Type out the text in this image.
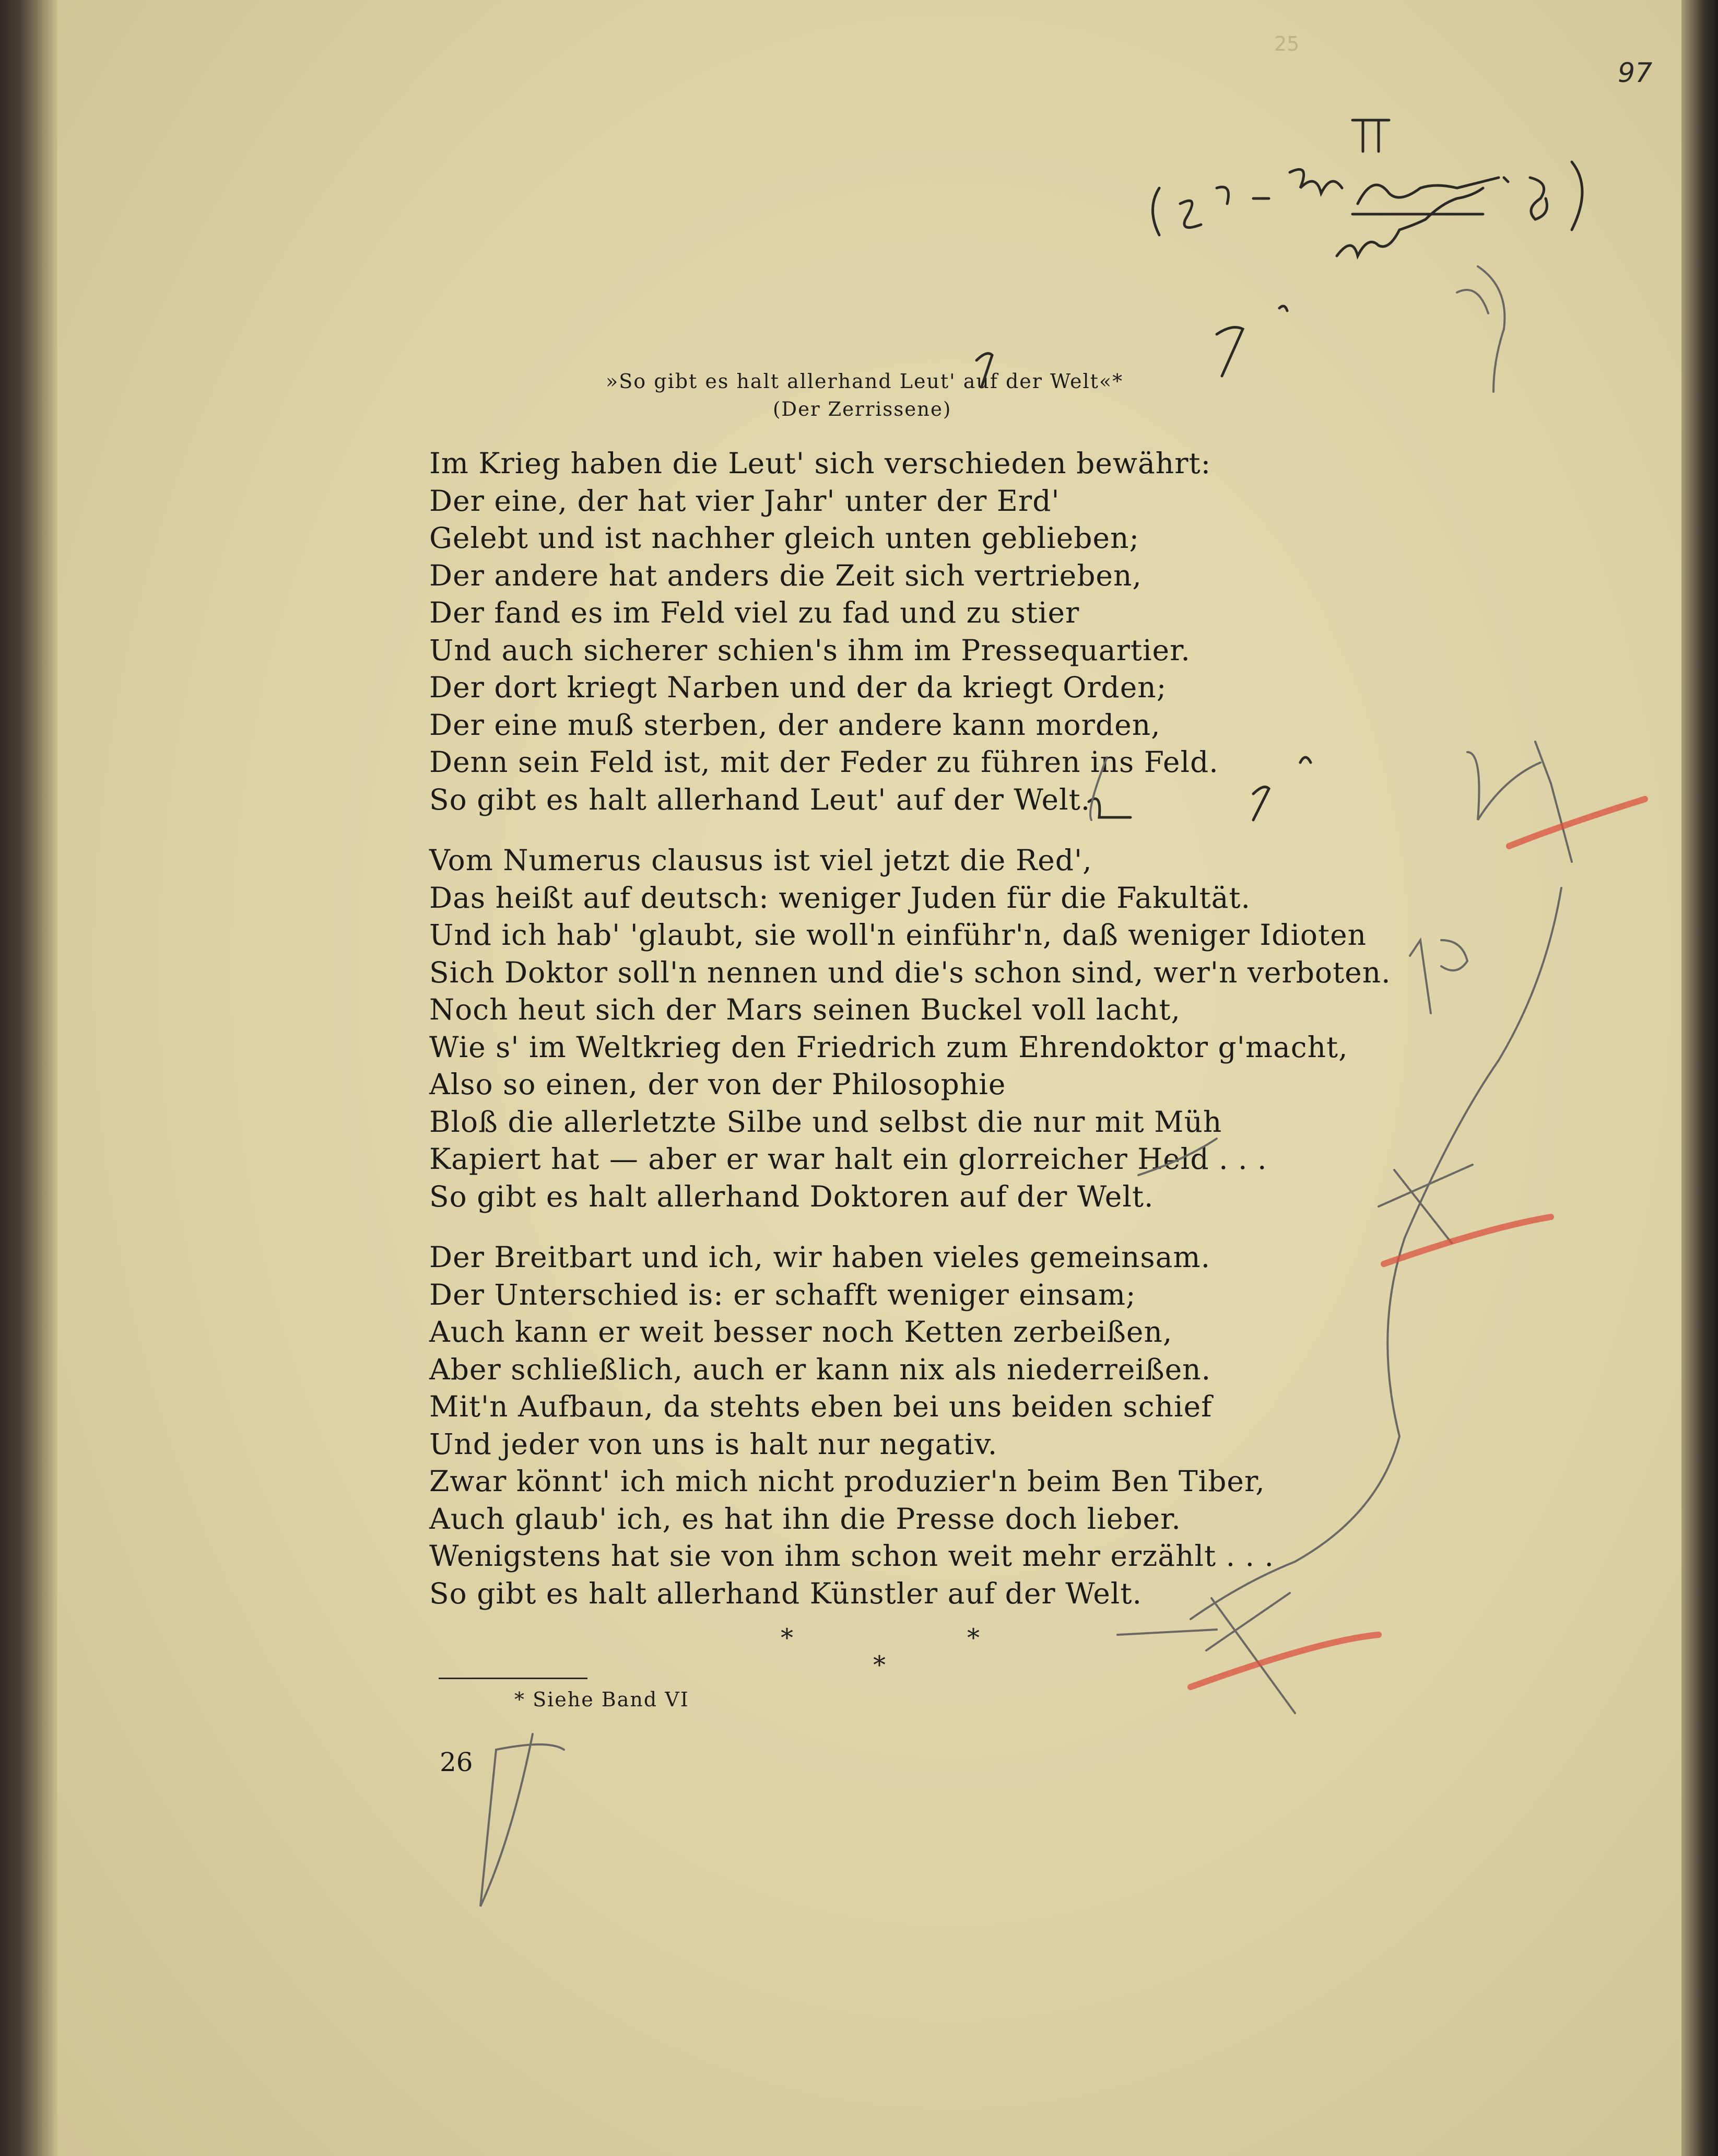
25
97
»So gibt es halt allerhand Leut' auf der Welt«*
(Der Zerrissene)
Im Krieg haben die Leut' sich verschieden bewährt:
Der eine, der hat vier Jahr' unter der Erd'
Gelebt und ist nachher gleich unten geblieben;
Der andere hat anders die Zeit sich vertrieben,
Der fand es im Feld viel zu fad und zu stier
Und auch sicherer schien's ihm im Pressequartier.
Der dort kriegt Narben und der da kriegt Orden;
Der eine muß sterben, der andere kann morden,
Denn sein Feld ist, mit der Feder zu führen ins Feld.
So gibt es halt allerhand Leut' auf der Welt.
Vom Numerus clausus ist viel jetzt die Red',
Das heißt auf deutsch: weniger Juden für die Fakultät.
Und ich hab' 'glaubt, sie woll'n einführ'n, daß weniger Idioten
Sich Doktor soll'n nennen und die's schon sind, wer'n verboten.
Noch heut sich der Mars seinen Buckel voll lacht,
Wie s' im Weltkrieg den Friedrich zum Ehrendoktor g'macht,
Also so einen, der von der Philosophie
Bloß die allerletzte Silbe und selbst die nur mit Müh
Kapiert hat — aber er war halt ein glorreicher Held . . .
So gibt es halt allerhand Doktoren auf der Welt.
Der Breitbart und ich, wir haben vieles gemeinsam.
Der Unterschied is: er schafft weniger einsam;
Auch kann er weit besser noch Ketten zerbeißen,
Aber schließlich, auch er kann nix als niederreißen.
Mit'n Aufbaun, da stehts eben bei uns beiden schief
Und jeder von uns is halt nur negativ.
Zwar könnt' ich mich nicht produzier'n beim Ben Tiber,
Auch glaub' ich, es hat ihn die Presse doch lieber.
Wenigstens hat sie von ihm schon weit mehr erzählt . . .
So gibt es halt allerhand Künstler auf der Welt.
*	*
*
* Siehe Band VI
26
